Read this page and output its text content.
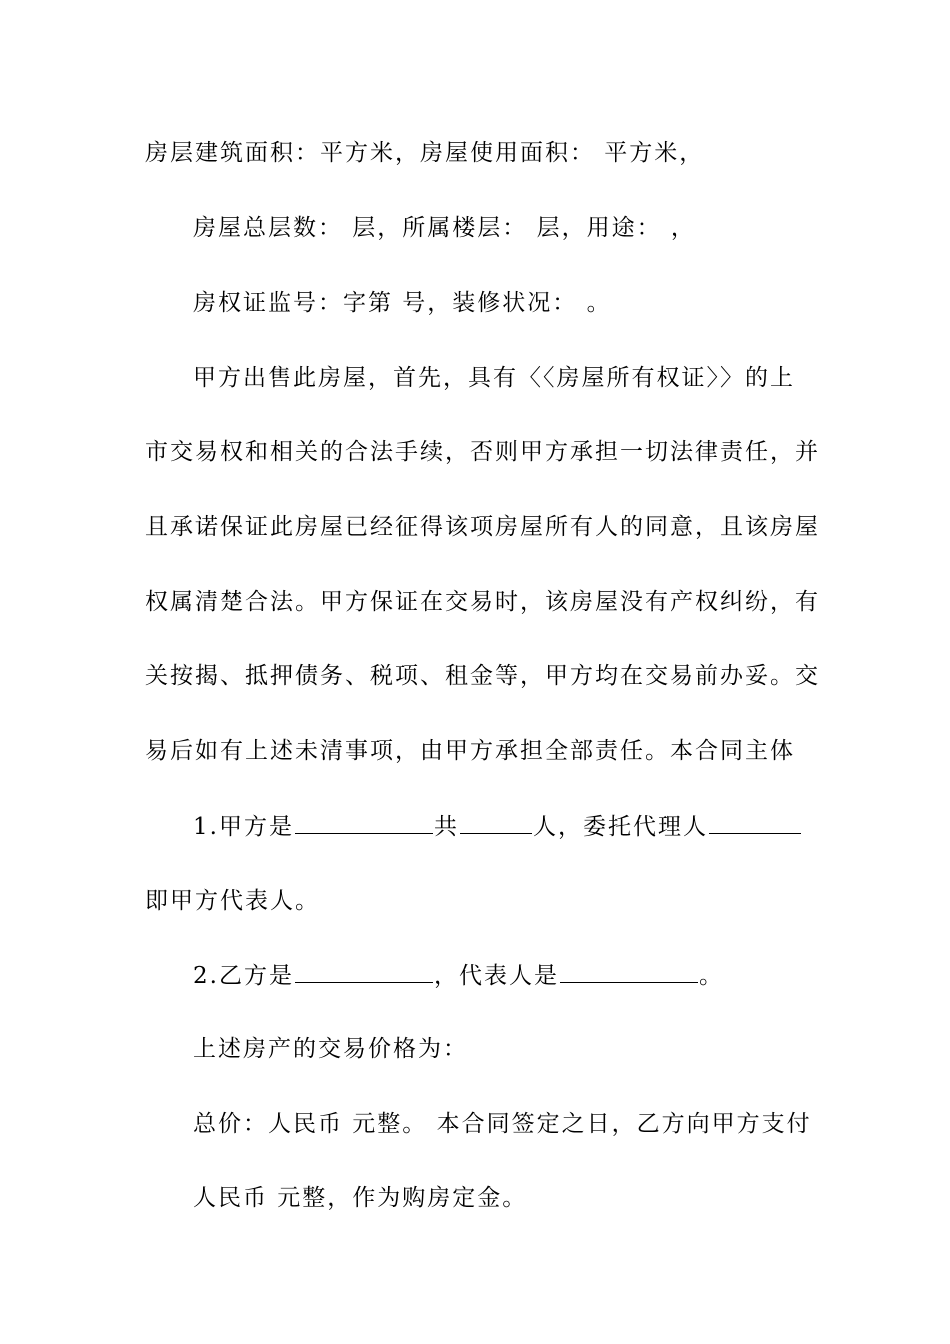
房层建筑面积：平方米，房屋使用面积： 平方米，
房屋总层数： 层，所属楼层： 层，用途： ，
房权证监号：字第 号，装修状况： 。
甲方出售此房屋，首先，具有〈〈房屋所有权证〉〉的上
市交易权和相关的合法手续，否则甲方承担一切法律责任，并
且承诺保证此房屋已经征得该项房屋所有人的同意，且该房屋
权属清楚合法。甲方保证在交易时，该房屋没有产权纠纷，有
关按揭、抵押债务、税项、租金等，甲方均在交易前办妥。交
易后如有上述未清事项，由甲方承担全部责任。本合同主体
1.甲方是	共	人，委托代理人
即甲方代表人。
2.乙方是	，代表人是	。
上述房产的交易价格为：
总价：人民币 元整。 本合同签定之日，乙方向甲方支付
人民币 元整，作为购房定金。
